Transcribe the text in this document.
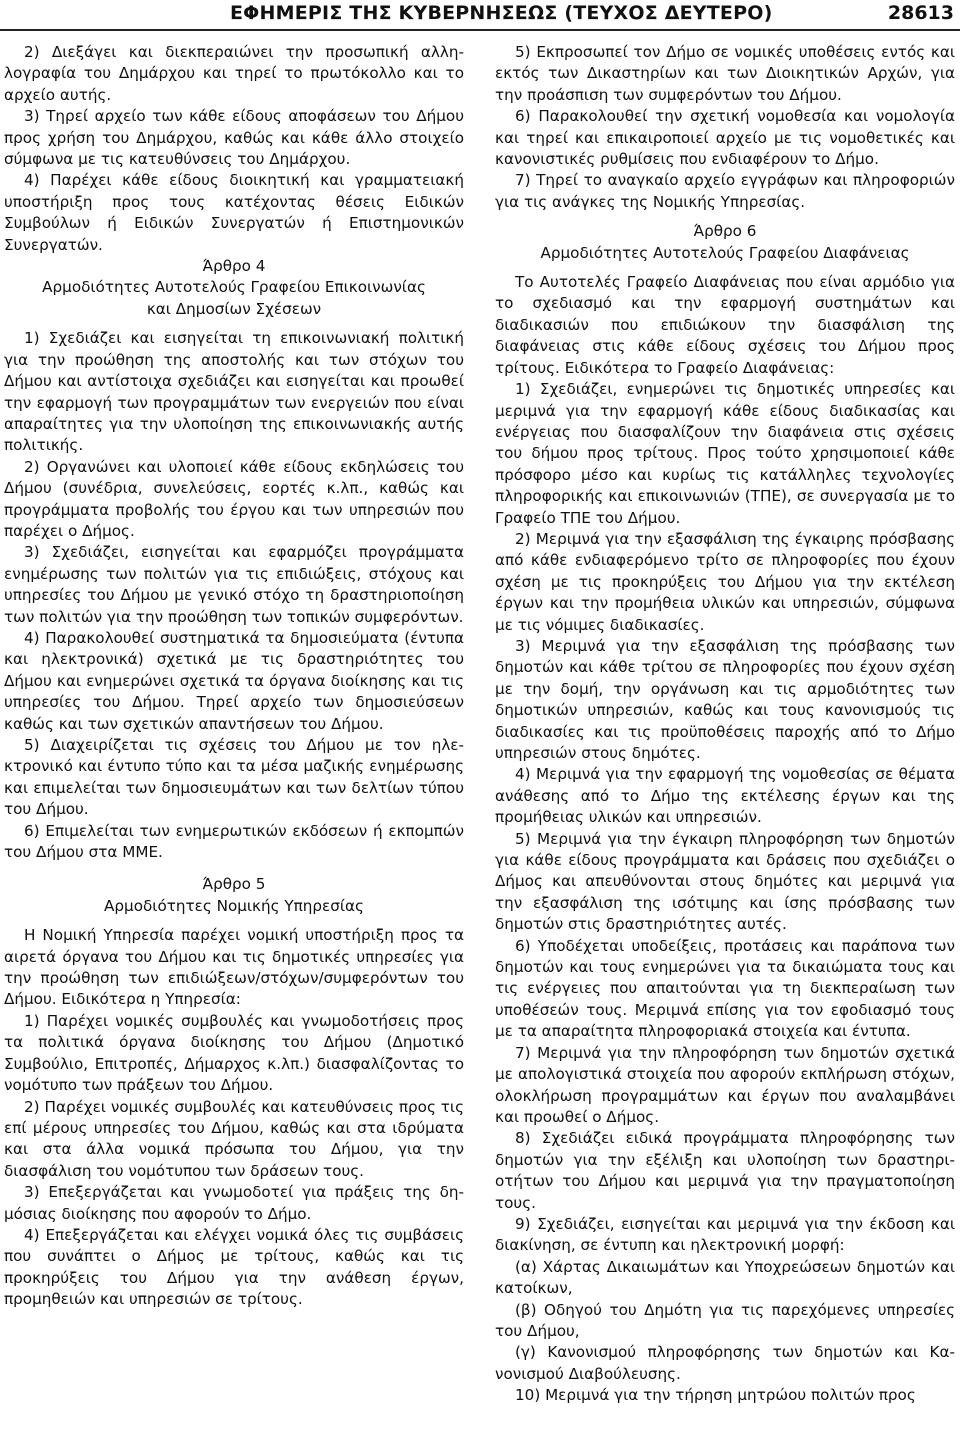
ΕΦΗΜΕΡΙΣ ΤΗΣ ΚΥΒΕΡΝΗΣΕΩΣ (ΤΕΥΧΟΣ ΔΕΥΤΕΡΟ)	28613

2) Διεξάγει και διεκπεραιώνει την προσωπική αλληλογραφία του Δημάρχου και τηρεί το πρωτόκολλο και το αρχείο αυτής.

3) Τηρεί αρχείο των κάθε είδους αποφάσεων του Δήμου προς χρήση του Δημάρχου, καθώς και κάθε άλλο στοιχείο σύμφωνα με τις κατευθύνσεις του Δημάρχου.

4) Παρέχει κάθε είδους διοικητική και γραμματειακή υποστήριξη προς τους κατέχοντας θέσεις Ειδικών Συμβούλων ή Ειδικών Συνεργατών ή Επιστημονικών Συνεργατών.

Άρθρο 4

Αρμοδιότητες Αυτοτελούς Γραφείου Επικοινωνίας

και Δημοσίων Σχέσεων

1) Σχεδιάζει και εισηγείται τη επικοινωνιακή πολιτική για την προώθηση της αποστολής και των στόχων του Δήμου και αντίστοιχα σχεδιάζει και εισηγείται και προωθεί την εφαρμογή των προγραμμάτων των ενεργειών που είναι απαραίτητες για την υλοποίηση της επικοινωνιακής αυτής πολιτικής.

2) Οργανώνει και υλοποιεί κάθε είδους εκδηλώσεις του Δήμου (συνέδρια, συνελεύσεις, εορτές κ.λπ., καθώς και προγράμματα προβολής του έργου και των υπηρεσιών που παρέχει ο Δήμος.

3) Σχεδιάζει, εισηγείται και εφαρμόζει προγράμματα ενημέρωσης των πολιτών για τις επιδιώξεις, στόχους και υπηρεσίες του Δήμου με γενικό στόχο τη δραστηριοποίηση των πολιτών για την προώθηση των τοπικών συμφερόντων.

4) Παρακολουθεί συστηματικά τα δημοσιεύματα (έντυπα και ηλεκτρονικά) σχετικά με τις δραστηριότητες του Δήμου και ενημερώνει σχετικά τα όργανα διοίκησης και τις υπηρεσίες του Δήμου. Τηρεί αρχείο των δημοσιεύσεων καθώς και των σχετικών απαντήσεων του Δήμου.

5) Διαχειρίζεται τις σχέσεις του Δήμου με τον ηλεκτρονικό και έντυπο τύπο και τα μέσα μαζικής ενημέρωσης και επιμελείται των δημοσιευμάτων και των δελτίων τύπου του Δήμου.

6) Επιμελείται των ενημερωτικών εκδόσεων ή εκπομπών του Δήμου στα ΜΜΕ.

Άρθρο 5

Αρμοδιότητες Νομικής Υπηρεσίας

Η Νομική Υπηρεσία παρέχει νομική υποστήριξη προς τα αιρετά όργανα του Δήμου και τις δημοτικές υπηρεσίες για την προώθηση των επιδιώξεων/στόχων/συμφερόντων του Δήμου. Ειδικότερα η Υπηρεσία:

1) Παρέχει νομικές συμβουλές και γνωμοδοτήσεις προς τα πολιτικά όργανα διοίκησης του Δήμου (Δημοτικό Συμβούλιο, Επιτροπές, Δήμαρχος κ.λπ.) διασφαλίζοντας το νομότυπο των πράξεων του Δήμου.

2) Παρέχει νομικές συμβουλές και κατευθύνσεις προς τις επί μέρους υπηρεσίες του Δήμου, καθώς και στα ιδρύματα και στα άλλα νομικά πρόσωπα του Δήμου, για την διασφάλιση του νομότυπου των δράσεων τους.

3) Επεξεργάζεται και γνωμοδοτεί για πράξεις της δημόσιας διοίκησης που αφορούν το Δήμο.

4) Επεξεργάζεται και ελέγχει νομικά όλες τις συμβάσεις που συνάπτει ο Δήμος με τρίτους, καθώς και τις προκηρύξεις του Δήμου για την ανάθεση έργων, προμηθειών και υπηρεσιών σε τρίτους.

5) Εκπροσωπεί τον Δήμο σε νομικές υποθέσεις εντός και εκτός των Δικαστηρίων και των Διοικητικών Αρχών, για την προάσπιση των συμφερόντων του Δήμου.

6) Παρακολουθεί την σχετική νομοθεσία και νομολογία και τηρεί και επικαιροποιεί αρχείο με τις νομοθετικές και κανονιστικές ρυθμίσεις που ενδιαφέρουν το Δήμο.

7) Τηρεί το αναγκαίο αρχείο εγγράφων και πληροφοριών για τις ανάγκες της Νομικής Υπηρεσίας.

Άρθρο 6

Αρμοδιότητες Αυτοτελούς Γραφείου Διαφάνειας

Το Αυτοτελές Γραφείο Διαφάνειας που είναι αρμόδιο για το σχεδιασμό και την εφαρμογή συστημάτων και διαδικασιών που επιδιώκουν την διασφάλιση της διαφάνειας στις κάθε είδους σχέσεις του Δήμου προς τρίτους. Ειδικότερα το Γραφείο Διαφάνειας:

1) Σχεδιάζει, ενημερώνει τις δημοτικές υπηρεσίες και μεριμνά για την εφαρμογή κάθε είδους διαδικασίας και ενέργειας που διασφαλίζουν την διαφάνεια στις σχέσεις του δήμου προς τρίτους. Προς τούτο χρησιμοποιεί κάθε πρόσφορο μέσο και κυρίως τις κατάλληλες τεχνολογίες πληροφορικής και επικοινωνιών (ΤΠΕ), σε συνεργασία με το Γραφείο ΤΠΕ του Δήμου.

2) Μεριμνά για την εξασφάλιση της έγκαιρης πρόσβασης από κάθε ενδιαφερόμενο τρίτο σε πληροφορίες που έχουν σχέση με τις προκηρύξεις του Δήμου για την εκτέλεση έργων και την προμήθεια υλικών και υπηρεσιών, σύμφωνα με τις νόμιμες διαδικασίες.

3) Μεριμνά για την εξασφάλιση της πρόσβασης των δημοτών και κάθε τρίτου σε πληροφορίες που έχουν σχέση με την δομή, την οργάνωση και τις αρμοδιότητες των δημοτικών υπηρεσιών, καθώς και τους κανονισμούς τις διαδικασίες και τις προϋποθέσεις παροχής από το Δήμο υπηρεσιών στους δημότες.

4) Μεριμνά για την εφαρμογή της νομοθεσίας σε θέματα ανάθεσης από το Δήμο της εκτέλεσης έργων και της προμήθειας υλικών και υπηρεσιών.

5) Μεριμνά για την έγκαιρη πληροφόρηση των δημοτών για κάθε είδους προγράμματα και δράσεις που σχεδιάζει ο Δήμος και απευθύνονται στους δημότες και μεριμνά για την εξασφάλιση της ισότιμης και ίσης πρόσβασης των δημοτών στις δραστηριότητες αυτές.

6) Υποδέχεται υποδείξεις, προτάσεις και παράπονα των δημοτών και τους ενημερώνει για τα δικαιώματα τους και τις ενέργειες που απαιτούνται για τη διεκπεραίωση των υποθέσεών τους. Μεριμνά επίσης για τον εφοδιασμό τους με τα απαραίτητα πληροφοριακά στοιχεία και έντυπα.

7) Μεριμνά για την πληροφόρηση των δημοτών σχετικά με απολογιστικά στοιχεία που αφορούν εκπλήρωση στόχων, ολοκλήρωση προγραμμάτων και έργων που αναλαμβάνει και προωθεί ο Δήμος.

8) Σχεδιάζει ειδικά προγράμματα πληροφόρησης των δημοτών για την εξέλιξη και υλοποίηση των δραστηριοτήτων του Δήμου και μεριμνά για την πραγματοποίηση τους.

9) Σχεδιάζει, εισηγείται και μεριμνά για την έκδοση και διακίνηση, σε έντυπη και ηλεκτρονική μορφή:

(α) Χάρτας Δικαιωμάτων και Υποχρεώσεων δημοτών και κατοίκων,

(β) Οδηγού του Δημότη για τις παρεχόμενες υπηρεσίες του Δήμου,

(γ) Κανονισμού πληροφόρησης των δημοτών και Κανονισμού Διαβούλευσης.

10) Μεριμνά για την τήρηση μητρώου πολιτών προς
